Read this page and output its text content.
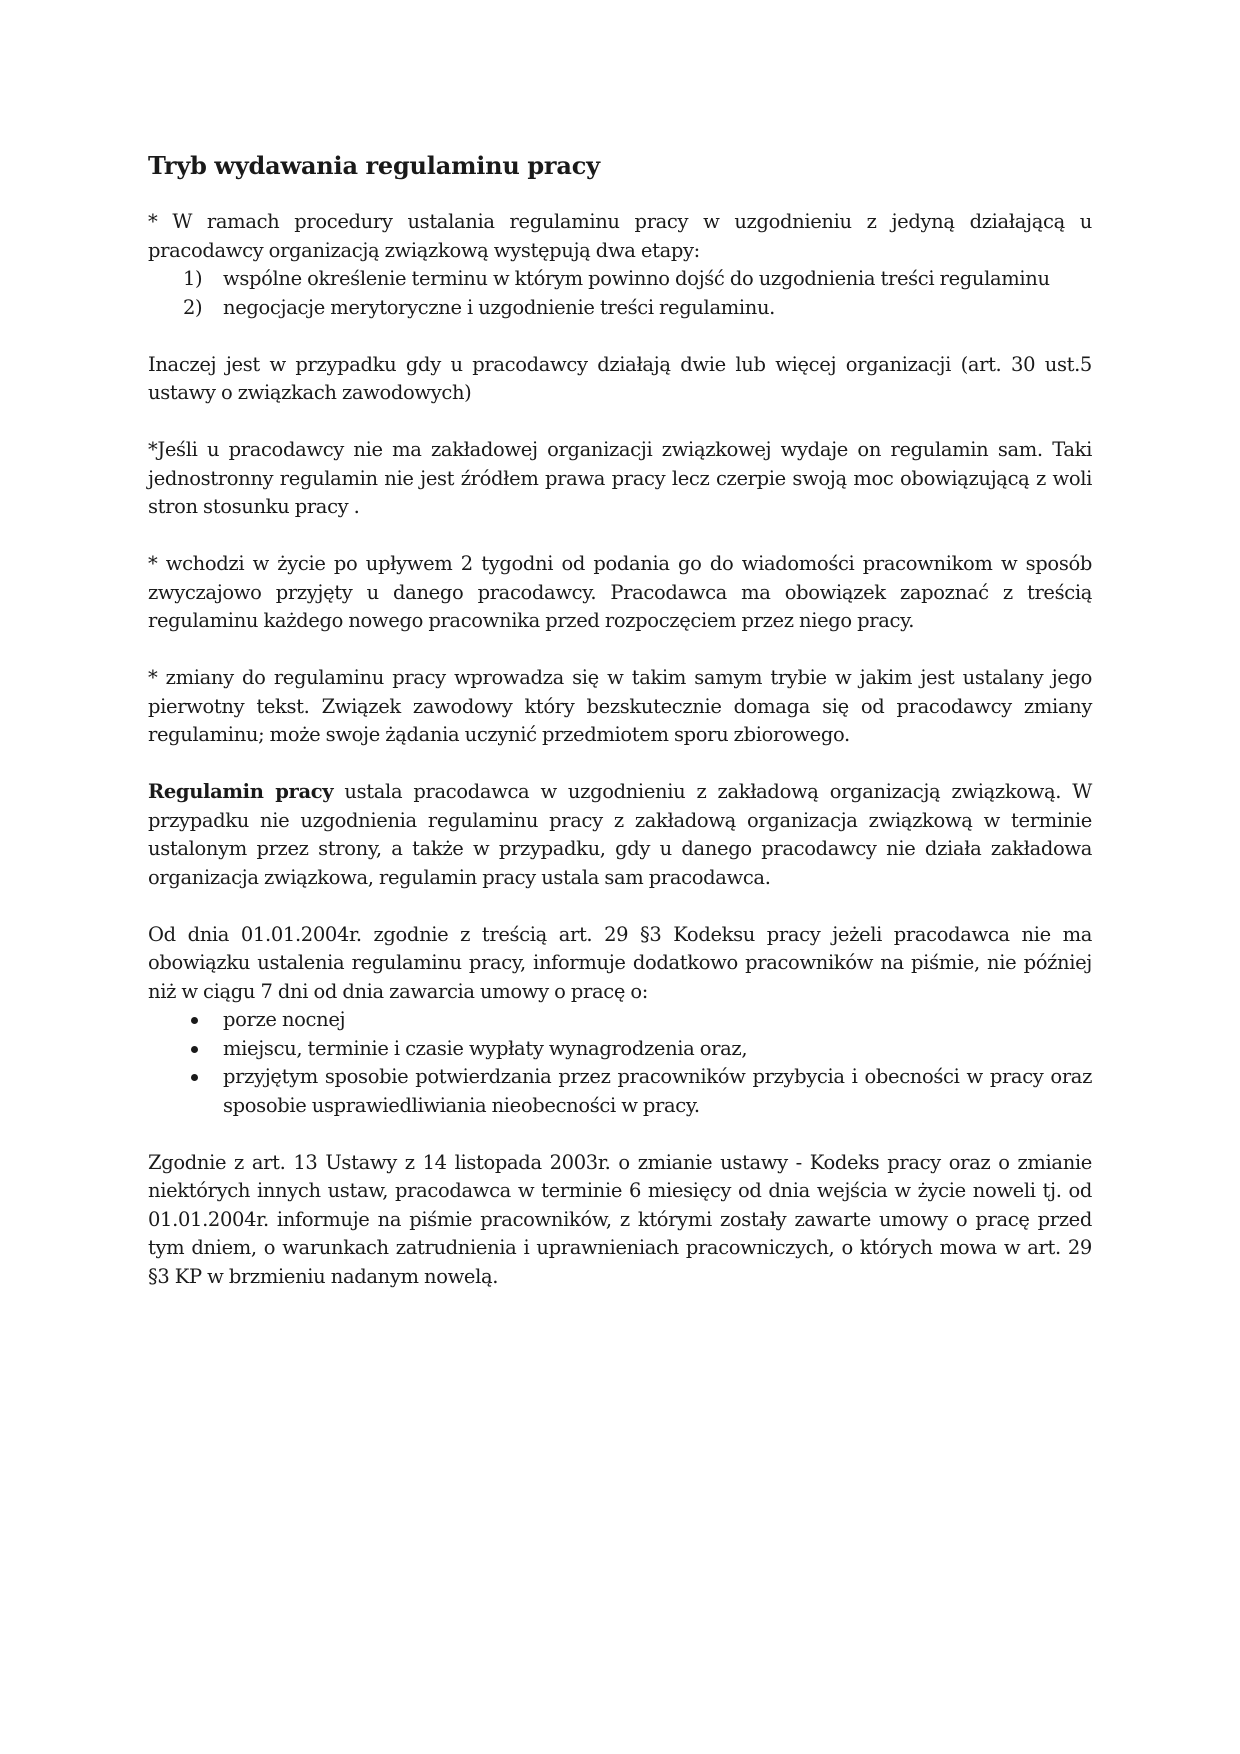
Tryb wydawania regulaminu pracy

* W ramach procedury ustalania regulaminu pracy w uzgodnieniu z jedyną działającą u pracodawcy organizacją związkową występują dwa etapy:

1) wspólne określenie terminu w którym powinno dojść do uzgodnienia treści regulaminu
2) negocjacje merytoryczne i uzgodnienie treści regulaminu.

Inaczej jest w przypadku gdy u pracodawcy działają dwie lub więcej organizacji (art. 30 ust.5 ustawy o związkach zawodowych)

*Jeśli u pracodawcy nie ma zakładowej organizacji związkowej wydaje on regulamin sam. Taki jednostronny regulamin nie jest źródłem prawa pracy lecz czerpie swoją moc obowiązującą z woli stron stosunku pracy .

* wchodzi w życie po upływem 2 tygodni od podania go do wiadomości pracownikom w sposób zwyczajowo przyjęty u danego pracodawcy. Pracodawca ma obowiązek zapoznać z treścią regulaminu każdego nowego pracownika przed rozpoczęciem przez niego pracy.

* zmiany do regulaminu pracy wprowadza się w takim samym trybie w jakim jest ustalany jego pierwotny tekst. Związek zawodowy który bezskutecznie domaga się od pracodawcy zmiany regulaminu; może swoje żądania uczynić przedmiotem sporu zbiorowego.

Regulamin pracy ustala pracodawca w uzgodnieniu z zakładową organizacją związkową. W przypadku nie uzgodnienia regulaminu pracy z zakładową organizacja związkową w terminie ustalonym przez strony, a także w przypadku, gdy u danego pracodawcy nie działa zakładowa organizacja związkowa, regulamin pracy ustala sam pracodawca.

Od dnia 01.01.2004r. zgodnie z treścią art. 29 §3 Kodeksu pracy jeżeli pracodawca nie ma obowiązku ustalenia regulaminu pracy, informuje dodatkowo pracowników na piśmie, nie później niż w ciągu 7 dni od dnia zawarcia umowy o pracę o:

porze nocnej
miejscu, terminie i czasie wypłaty wynagrodzenia oraz,
przyjętym sposobie potwierdzania przez pracowników przybycia i obecności w pracy oraz sposobie usprawiedliwiania nieobecności w pracy.

Zgodnie z art. 13 Ustawy z 14 listopada 2003r. o zmianie ustawy - Kodeks pracy oraz o zmianie niektórych innych ustaw, pracodawca w terminie 6 miesięcy od dnia wejścia w życie noweli tj. od 01.01.2004r. informuje na piśmie pracowników, z którymi zostały zawarte umowy o pracę przed tym dniem, o warunkach zatrudnienia i uprawnieniach pracowniczych, o których mowa w art. 29 §3 KP w brzmieniu nadanym nowelą.
